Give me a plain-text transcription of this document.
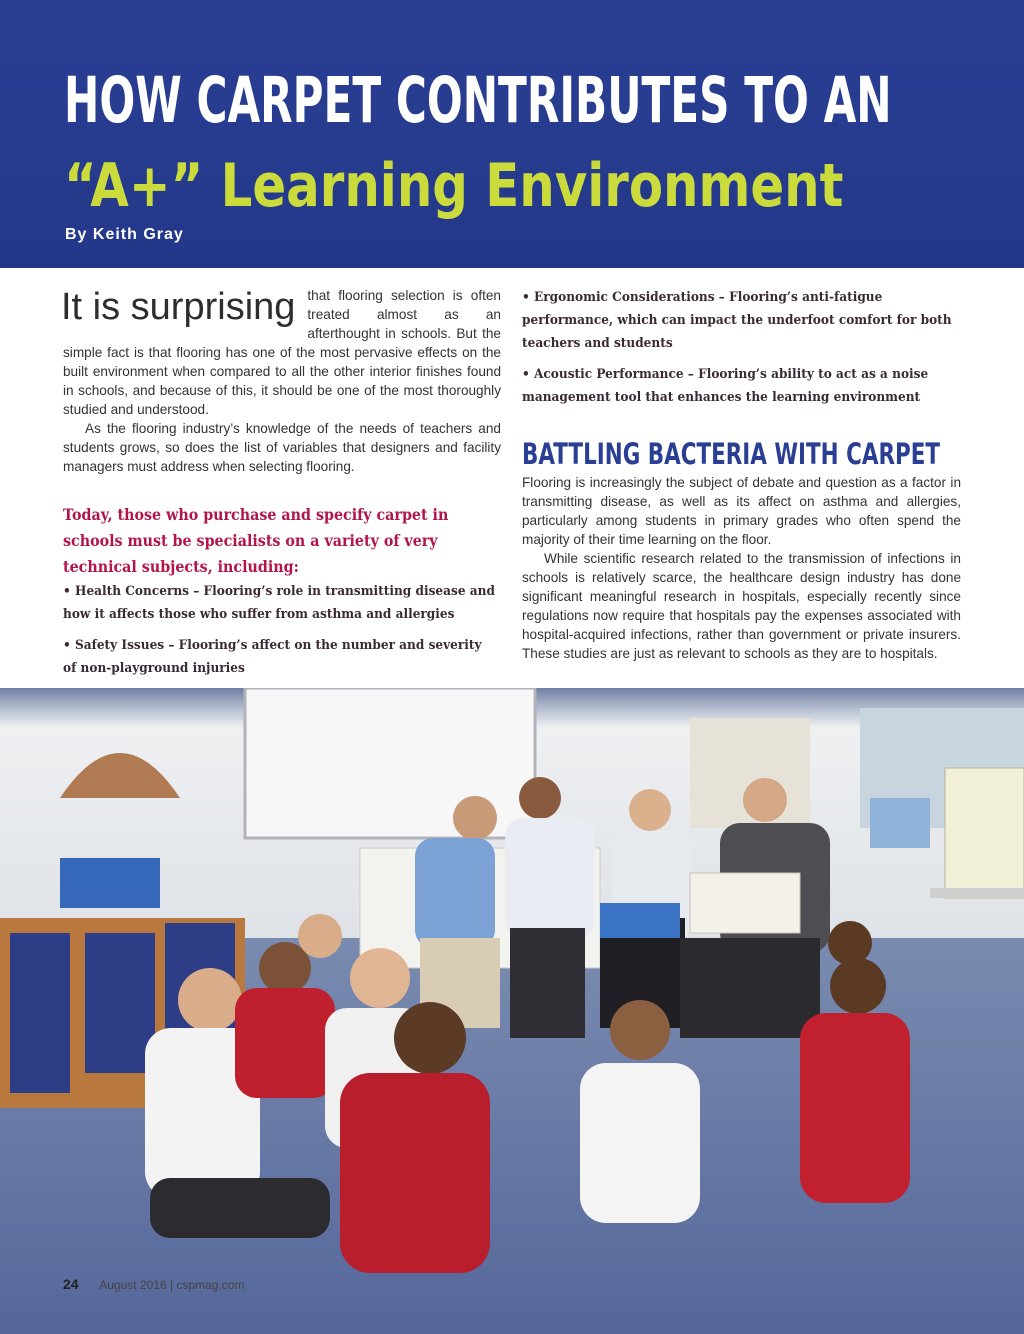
HOW CARPET CONTRIBUTES TO AN
“A+” Learning Environment
By Keith Gray

It is surprising that flooring selection is often treated almost as an afterthought in schools. But the simple fact is that flooring has one of the most pervasive effects on the built environment when compared to all the other interior finishes found in schools, and because of this, it should be one of the most thoroughly studied and understood.

As the flooring industry’s knowledge of the needs of teachers and students grows, so does the list of variables that designers and facility managers must address when selecting flooring.

Today, those who purchase and specify carpet in schools must be specialists on a variety of very technical subjects, including:
• Health Concerns – Flooring’s role in transmitting disease and how it affects those who suffer from asthma and allergies
• Safety Issues – Flooring’s affect on the number and severity of non-playground injuries
• Ergonomic Considerations – Flooring’s anti-fatigue performance, which can impact the underfoot comfort for both teachers and students
• Acoustic Performance – Flooring’s ability to act as a noise management tool that enhances the learning environment
BATTLING BACTERIA WITH CARPET

Flooring is increasingly the subject of debate and question as a factor in transmitting disease, as well as its affect on asthma and allergies, particularly among students in primary grades who often spend the majority of their time learning on the floor.

While scientific research related to the transmission of infections in schools is relatively scarce, the healthcare design industry has done significant meaningful research in hospitals, especially recently since regulations now require that hospitals pay the expenses associated with hospital-acquired infections, rather than government or private insurers. These studies are just as relevant to schools as they are to hospitals.

24 August 2016 | cspmag.com
